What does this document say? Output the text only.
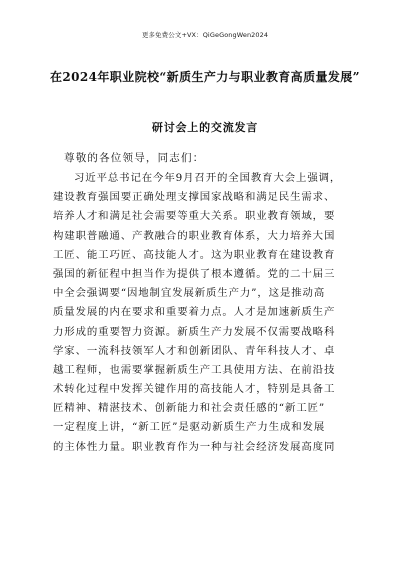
更多免费公文+VX：QiGeGongWen2024
在2024年职业院校“新质生产力与职业教育高质量发展”
研讨会上的交流发言
尊敬的各位领导，同志们：
习近平总书记在今年9月召开的全国教育大会上强调，
建设教育强国要正确处理支撑国家战略和满足民生需求、
培养人才和满足社会需要等重大关系。职业教育领域，要
构建职普融通、产教融合的职业教育体系，大力培养大国
工匠、能工巧匠、高技能人才。这为职业教育在建设教育
强国的新征程中担当作为提供了根本遵循。党的二十届三
中全会强调要“因地制宜发展新质生产力”，这是推动高
质量发展的内在要求和重要着力点。人才是加速新质生产
力形成的重要智力资源。新质生产力发展不仅需要战略科
学家、一流科技领军人才和创新团队、青年科技人才、卓
越工程师，也需要掌握新质生产工具使用方法、在前沿技
术转化过程中发挥关键作用的高技能人才，特别是具备工
匠精神、精湛技术、创新能力和社会责任感的“新工匠”
一定程度上讲，“新工匠”是驱动新质生产力生成和发展
的主体性力量。职业教育作为一种与社会经济发展高度同
